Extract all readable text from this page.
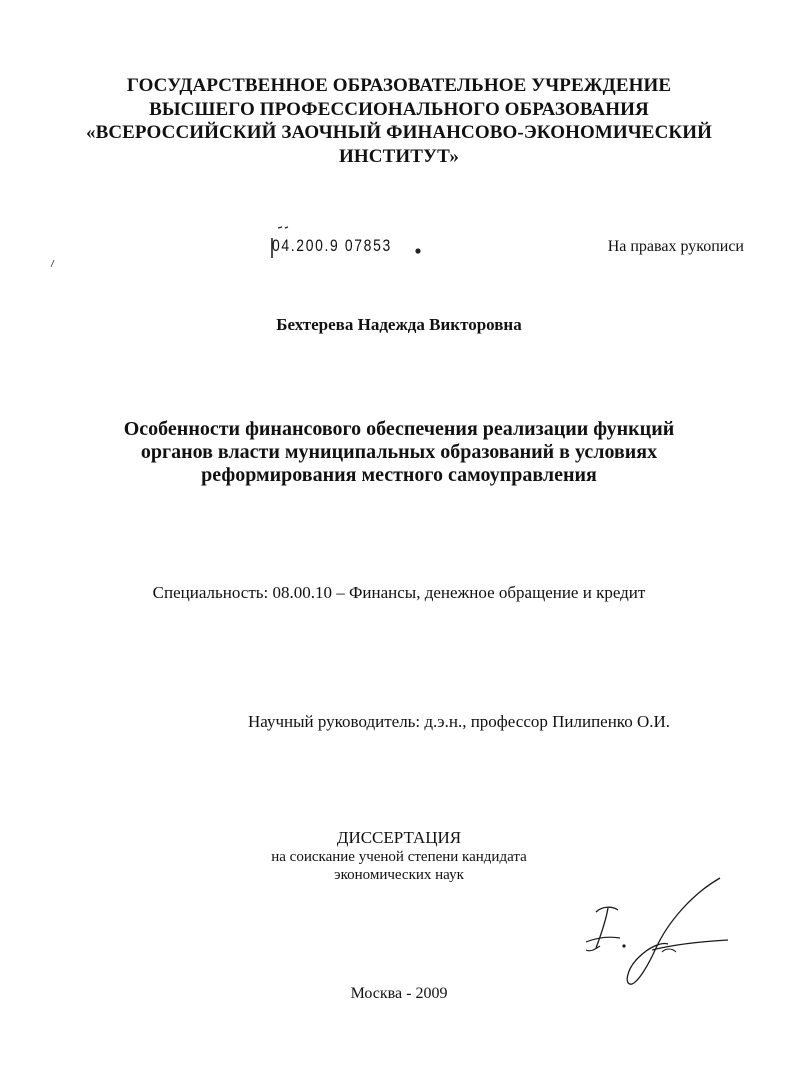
ГОСУДАРСТВЕННОЕ ОБРАЗОВАТЕЛЬНОЕ УЧРЕЖДЕНИЕ
ВЫСШЕГО ПРОФЕССИОНАЛЬНОГО ОБРАЗОВАНИЯ
«ВСЕРОССИЙСКИЙ ЗАОЧНЫЙ ФИНАНСОВО-ЭКОНОМИЧЕСКИЙ
ИНСТИТУТ»
04.200.9 07853	На правах рукописи
Бехтерева Надежда Викторовна
Особенности финансового обеспечения реализации функций
органов власти муниципальных образований в условиях
реформирования местного самоуправления
Специальность: 08.00.10 – Финансы, денежное обращение и кредит
Научный руководитель: д.э.н., профессор Пилипенко О.И.
ДИССЕРТАЦИЯ
на соискание ученой степени кандидата
экономических наук
Москва - 2009
